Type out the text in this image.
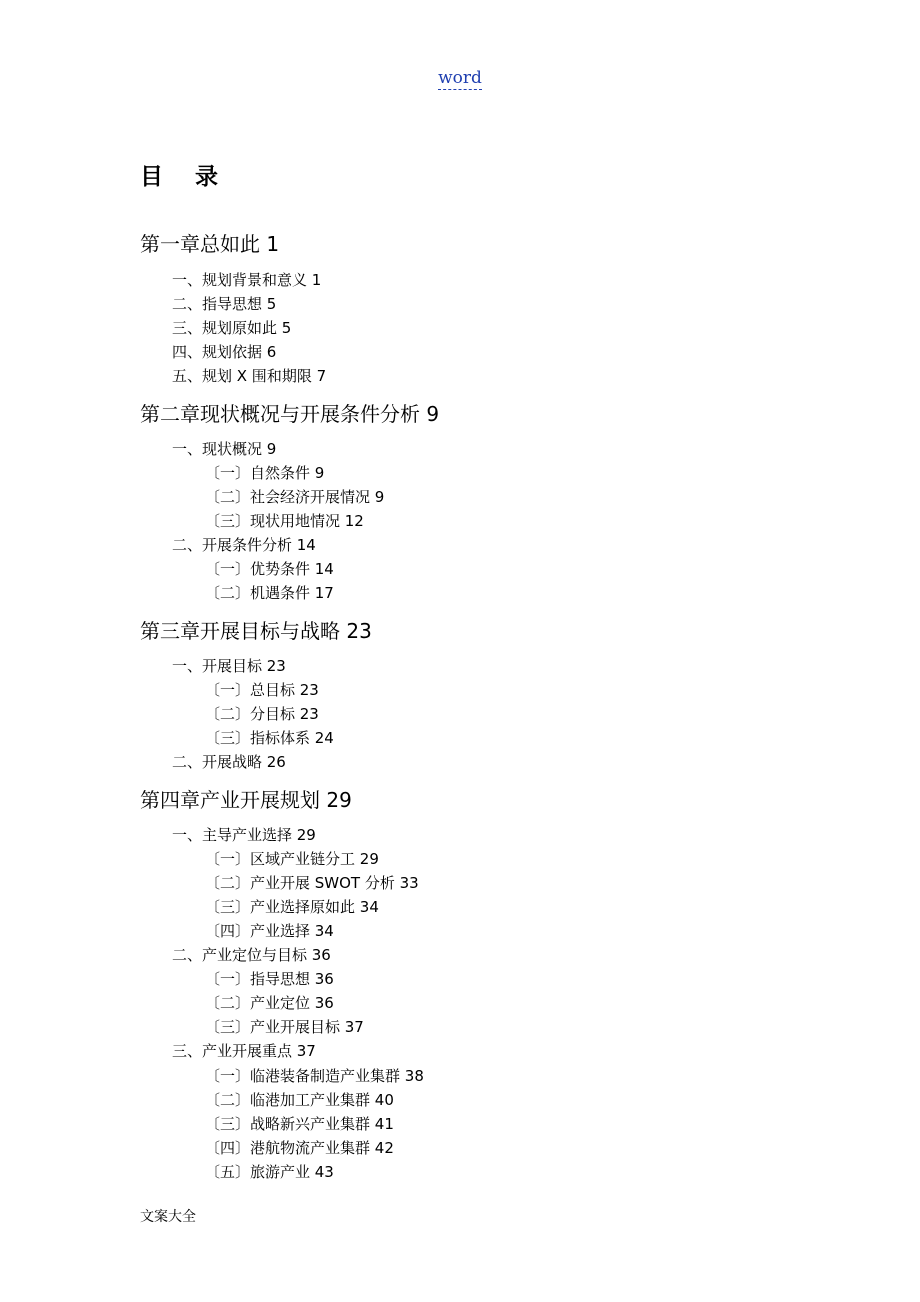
word
目 录
第一章总如此 1
一、规划背景和意义 1
二、指导思想 5
三、规划原如此 5
四、规划依据 6
五、规划 X 围和期限 7
第二章现状概况与开展条件分析 9
一、现状概况 9
〔一〕自然条件 9
〔二〕社会经济开展情况 9
〔三〕现状用地情况 12
二、开展条件分析 14
〔一〕优势条件 14
〔二〕机遇条件 17
第三章开展目标与战略 23
一、开展目标 23
〔一〕总目标 23
〔二〕分目标 23
〔三〕指标体系 24
二、开展战略 26
第四章产业开展规划 29
一、主导产业选择 29
〔一〕区域产业链分工 29
〔二〕产业开展 SWOT 分析 33
〔三〕产业选择原如此 34
〔四〕产业选择 34
二、产业定位与目标 36
〔一〕指导思想 36
〔二〕产业定位 36
〔三〕产业开展目标 37
三、产业开展重点 37
〔一〕临港装备制造产业集群 38
〔二〕临港加工产业集群 40
〔三〕战略新兴产业集群 41
〔四〕港航物流产业集群 42
〔五〕旅游产业 43
文案大全
